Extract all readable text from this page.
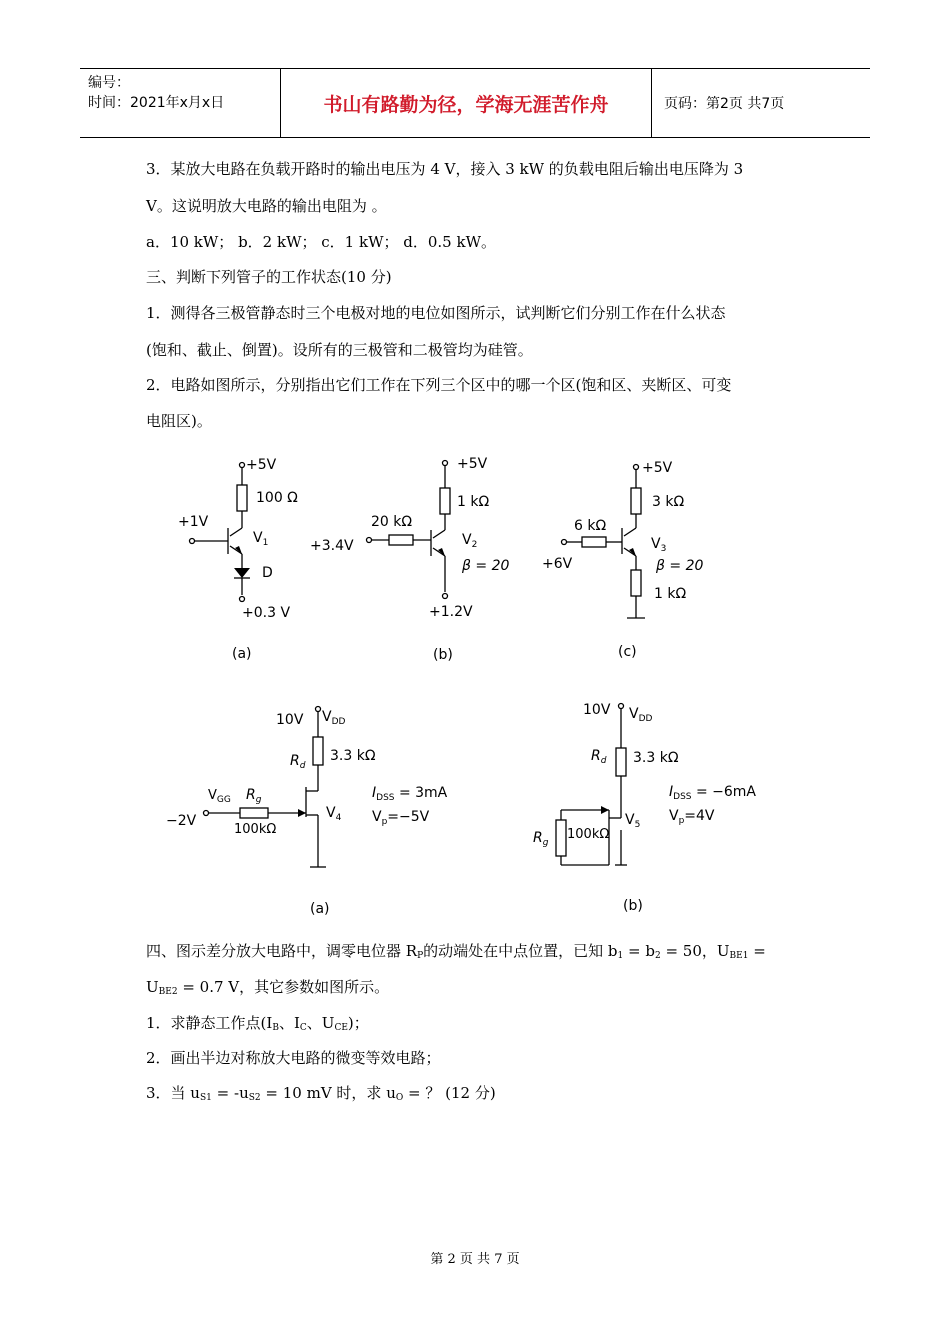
编号：
时间：2021年x月x日	书山有路勤为径，学海无涯苦作舟	页码：第2页 共7页
3．某放大电路在负载开路时的输出电压为 4 V，接入 3 kW 的负载电阻后输出电压降为 3
V。这说明放大电路的输出电阻为 。
a．10 kW； b．2 kW； c．1 kW； d．0.5 kW。
三、判断下列管子的工作状态(10 分)
1．测得各三极管静态时三个电极对地的电位如图所示，试判断它们分别工作在什么状态
(饱和、截止、倒置)。设所有的三极管和二极管均为硅管。
2．电路如图所示，分别指出它们工作在下列三个区中的哪一个区(饱和区、夹断区、可变
电阻区)。
+5V
100 Ω
+1V
$V_1$
D
+0.3 V
(a)
+5V
1 kΩ
20 kΩ
+3.4V	$V_2$
β = 20
+1.2V
(b)
+5V
3 kΩ
6 kΩ
+6V
$V_3$
β = 20
1 kΩ
(c)
10V $V_{DD}$
$R_d$
3.3 kΩ
$V_{GG}$
−2V
$R_g$
100kΩ
$V_4$
$I_{DSS} = 3mA$
$V_p=-5V$
(a)
10V $V_{DD}$
$R_d$ 3.3 kΩ
$I_{DSS} = -6mA$
$V_p=4V$
$V_5$
100kΩ
$R_g$
(b)
四、图示差分放大电路中，调零电位器 $R_P$的动端处在中点位置，已知 $b_1 = b_2 = 50$，$U_{BE1}$ =
$U_{BE2} = 0.7$ V，其它参数如图所示。
1．求静态工作点($I_B$、$I_C$、$U_{CE}$)；
2．画出半边对称放大电路的微变等效电路；
3．当 $u_{S1} = -u_{S2} = 10$ mV 时，求 $u_O$ = ？ (12 分)
第 2 页 共 7 页
